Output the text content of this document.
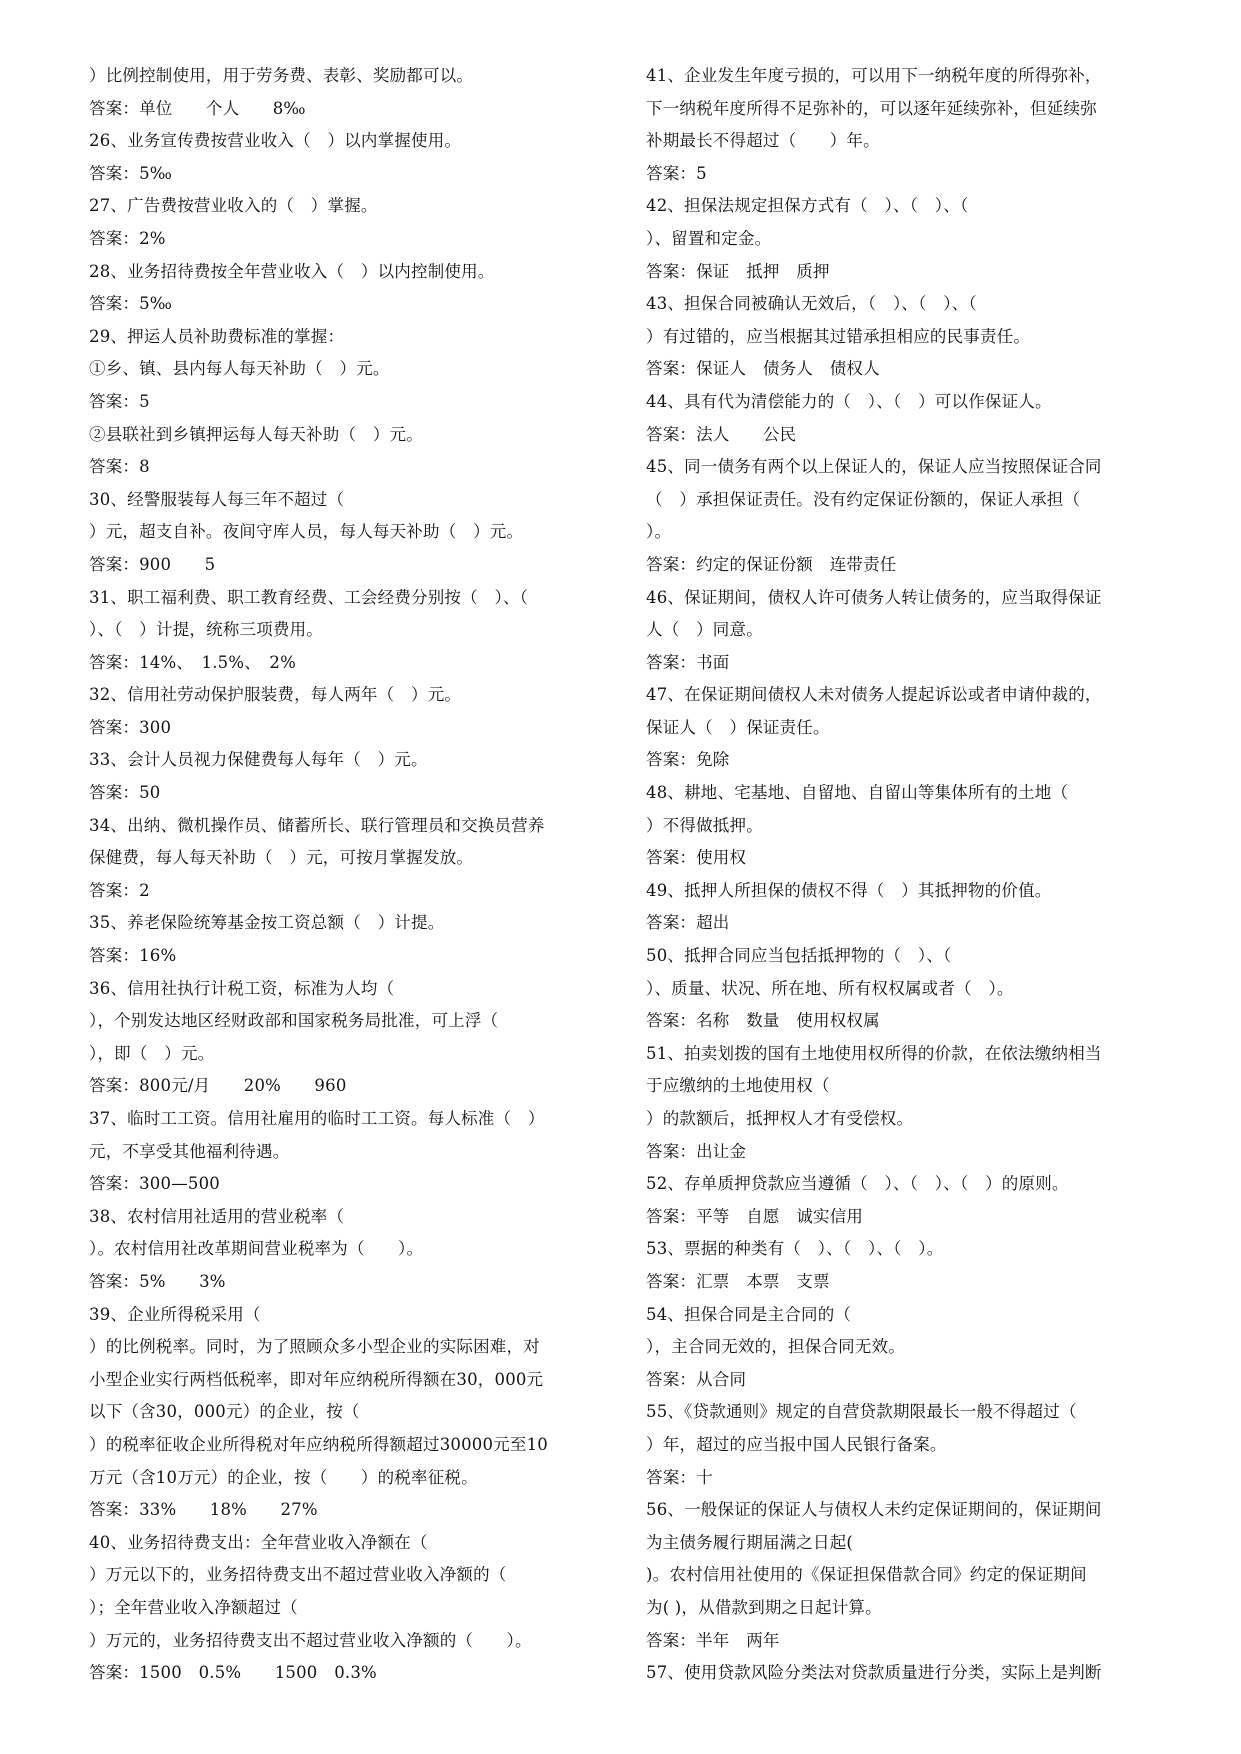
）比例控制使用，用于劳务费、表彰、奖励都可以。
答案：单位　　个人　　8‰
26、业务宣传费按营业收入（　）以内掌握使用。
答案：5‰
27、广告费按营业收入的（　）掌握。
答案：2%
28、业务招待费按全年营业收入（　）以内控制使用。
答案：5‰
29、押运人员补助费标准的掌握：
①乡、镇、县内每人每天补助（　）元。
答案：5
②县联社到乡镇押运每人每天补助（　）元。
答案：8
30、经警服装每人每三年不超过（
）元，超支自补。夜间守库人员，每人每天补助（　）元。
答案：900　　5
31、职工福利费、职工教育经费、工会经费分别按（　）、（
）、（　）计提，统称三项费用。
答案：14%、　1.5%、　2%
32、信用社劳动保护服装费，每人两年（　）元。
答案：300
33、会计人员视力保健费每人每年（　）元。
答案：50
34、出纳、微机操作员、储蓄所长、联行管理员和交换员营养
保健费，每人每天补助（　）元，可按月掌握发放。
答案：2
35、养老保险统筹基金按工资总额（　）计提。
答案：16%
36、信用社执行计税工资，标准为人均（
），个别发达地区经财政部和国家税务局批准，可上浮（
），即（　）元。
答案：800元/月　　20%　　960
37、临时工工资。信用社雇用的临时工工资。每人标准（　）
元，不享受其他福利待遇。
答案：300—500
38、农村信用社适用的营业税率（
）。农村信用社改革期间营业税率为（　　）。
答案：5%　　3%
39、企业所得税采用（
）的比例税率。同时，为了照顾众多小型企业的实际困难，对
小型企业实行两档低税率，即对年应纳税所得额在30，000元
以下（含30，000元）的企业，按（
）的税率征收企业所得税对年应纳税所得额超过30000元至10
万元（含10万元）的企业，按（　　）的税率征税。
答案：33%　　18%　　27%
40、业务招待费支出：全年营业收入净额在（
）万元以下的，业务招待费支出不超过营业收入净额的（
）；全年营业收入净额超过（
）万元的，业务招待费支出不超过营业收入净额的（　　）。
答案：1500　0.5%　　1500　0.3%
41、企业发生年度亏损的，可以用下一纳税年度的所得弥补，
下一纳税年度所得不足弥补的，可以逐年延续弥补，但延续弥
补期最长不得超过（　　）年。
答案：5
42、担保法规定担保方式有（　）、（　）、（
）、留置和定金。
答案：保证　抵押　质押
43、担保合同被确认无效后，（　）、（　）、（
）有过错的，应当根据其过错承担相应的民事责任。
答案：保证人　债务人　债权人
44、具有代为清偿能力的（　）、（　）可以作保证人。
答案：法人　　公民
45、同一债务有两个以上保证人的，保证人应当按照保证合同
（　）承担保证责任。没有约定保证份额的，保证人承担（
）。
答案：约定的保证份额　连带责任
46、保证期间，债权人许可债务人转让债务的，应当取得保证
人（　）同意。
答案：书面
47、在保证期间债权人未对债务人提起诉讼或者申请仲裁的，
保证人（　）保证责任。
答案：免除
48、耕地、宅基地、自留地、自留山等集体所有的土地（
）不得做抵押。
答案：使用权
49、抵押人所担保的债权不得（　）其抵押物的价值。
答案：超出
50、抵押合同应当包括抵押物的（　）、（
）、质量、状况、所在地、所有权权属或者（　）。
答案：名称　数量　使用权权属
51、拍卖划拨的国有土地使用权所得的价款，在依法缴纳相当
于应缴纳的土地使用权（
）的款额后，抵押权人才有受偿权。
答案：出让金
52、存单质押贷款应当遵循（　）、（　）、（　）的原则。
答案：平等　自愿　诚实信用
53、票据的种类有（　）、（　）、（　）。
答案：汇票　本票　支票
54、担保合同是主合同的（
），主合同无效的，担保合同无效。
答案：从合同
55、《贷款通则》规定的自营贷款期限最长一般不得超过（
）年，超过的应当报中国人民银行备案。
答案：十
56、一般保证的保证人与债权人未约定保证期间的，保证期间
为主债务履行期届满之日起(
)。农村信用社使用的《保证担保借款合同》约定的保证期间
为( )，从借款到期之日起计算。
答案：半年　两年
57、使用贷款风险分类法对贷款质量进行分类，实际上是判断
